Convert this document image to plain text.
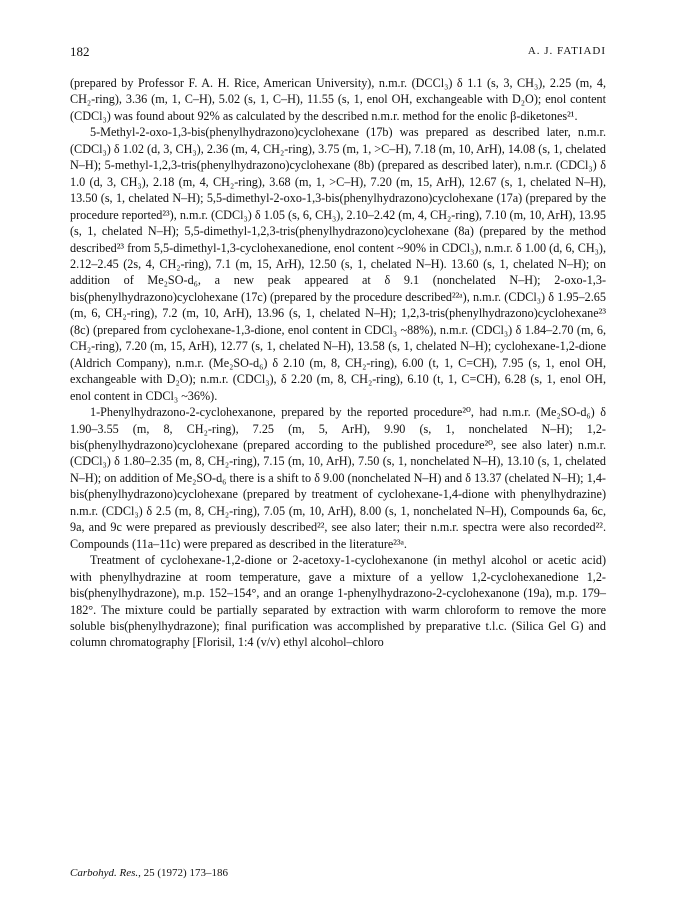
182	A. J. FATIADI

(prepared by Professor F. A. H. Rice, American University), n.m.r. (DCCl₃) δ 1.1 (s, 3, CH₃), 2.25 (m, 4, CH₂-ring), 3.36 (m, 1, C–H), 5.02 (s, 1, C–H), 11.55 (s, 1, enol OH, exchangeable with D₂O); enol content (CDCl₃) was found about 92% as calculated by the described n.m.r. method for the enolic β-diketones²¹.

5-Methyl-2-oxo-1,3-bis(phenylhydrazono)cyclohexane (17b) was prepared as described later, n.m.r. (CDCl₃) δ 1.02 (d, 3, CH₃), 2.36 (m, 4, CH₂-ring), 3.75 (m, 1, >C–H), 7.18 (m, 10, ArH), 14.08 (s, 1, chelated N–H); 5-methyl-1,2,3-tris(phenylhydrazono)cyclohexane (8b) (prepared as described later), n.m.r. (CDCl₃) δ 1.0 (d, 3, CH₃), 2.18 (m, 4, CH₂-ring), 3.68 (m, 1, >C–H), 7.20 (m, 15, ArH), 12.67 (s, 1, chelated N–H), 13.50 (s, 1, chelated N–H); 5,5-dimethyl-2-oxo-1,3-bis(phenylhydrazono)cyclohexane (17a) (prepared by the procedure reported²³), n.m.r. (CDCl₃) δ 1.05 (s, 6, CH₃), 2.10–2.42 (m, 4, CH₂-ring), 7.10 (m, 10, ArH), 13.95 (s, 1, chelated N–H); 5,5-dimethyl-1,2,3-tris(phenylhydrazono)cyclohexane (8a) (prepared by the method described²³ from 5,5-dimethyl-1,3-cyclohexanedione, enol content ~90% in CDCl₃), n.m.r. δ 1.00 (d, 6, CH₃), 2.12–2.45 (2s, 4, CH₂-ring), 7.1 (m, 15, ArH), 12.50 (s, 1, chelated N–H). 13.60 (s, 1, chelated N–H); on addition of Me₂SO-d₆, a new peak appeared at δ 9.1 (nonchelated N–H); 2-oxo-1,3-bis(phenylhydrazono)cyclohexane (17c) (prepared by the procedure described²²ᵃ), n.m.r. (CDCl₃) δ 1.95–2.65 (m, 6, CH₂-ring), 7.2 (m, 10, ArH), 13.96 (s, 1, chelated N–H); 1,2,3-tris(phenylhydrazono)cyclohexane²³ (8c) (prepared from cyclohexane-1,3-dione, enol content in CDCl₃ ~88%), n.m.r. (CDCl₃) δ 1.84–2.70 (m, 6, CH₂-ring), 7.20 (m, 15, ArH), 12.77 (s, 1, chelated N–H), 13.58 (s, 1, chelated N–H); cyclohexane-1,2-dione (Aldrich Company), n.m.r. (Me₂SO-d₆) δ 2.10 (m, 8, CH₂-ring), 6.00 (t, 1, C=CH), 7.95 (s, 1, enol OH, exchangeable with D₂O); n.m.r. (CDCl₃), δ 2.20 (m, 8, CH₂-ring), 6.10 (t, 1, C=CH), 6.28 (s, 1, enol OH, enol content in CDCl₃ ~36%).

1-Phenylhydrazono-2-cyclohexanone, prepared by the reported procedure²⁰, had n.m.r. (Me₂SO-d₆) δ 1.90–3.55 (m, 8, CH₂-ring), 7.25 (m, 5, ArH), 9.90 (s, 1, nonchelated N–H); 1,2-bis(phenylhydrazono)cyclohexane (prepared according to the published procedure²⁰, see also later) n.m.r. (CDCl₃) δ 1.80–2.35 (m, 8, CH₂-ring), 7.15 (m, 10, ArH), 7.50 (s, 1, nonchelated N–H), 13.10 (s, 1, chelated N–H); on addition of Me₂SO-d₆ there is a shift to δ 9.00 (nonchelated N–H) and δ 13.37 (chelated N–H); 1,4-bis(phenylhydrazono)cyclohexane (prepared by treatment of cyclohexane-1,4-dione with phenylhydrazine) n.m.r. (CDCl₃) δ 2.5 (m, 8, CH₂-ring), 7.05 (m, 10, ArH), 8.00 (s, 1, nonchelated N–H), Compounds 6a, 6c, 9a, and 9c were prepared as previously described²², see also later; their n.m.r. spectra were also recorded²². Compounds (11a–11c) were prepared as described in the literature²³ᵃ.

Treatment of cyclohexane-1,2-dione or 2-acetoxy-1-cyclohexanone (in methyl alcohol or acetic acid) with phenylhydrazine at room temperature, gave a mixture of a yellow 1,2-cyclohexanedione 1,2-bis(phenylhydrazone), m.p. 152–154°, and an orange 1-phenylhydrazono-2-cyclohexanone (19a), m.p. 179–182°. The mixture could be partially separated by extraction with warm chloroform to remove the more soluble bis(phenylhydrazone); final purification was accomplished by preparative t.l.c. (Silica Gel G) and column chromatography [Florisil, 1:4 (v/v) ethyl alcohol–chloro

Carbohyd. Res., 25 (1972) 173–186
